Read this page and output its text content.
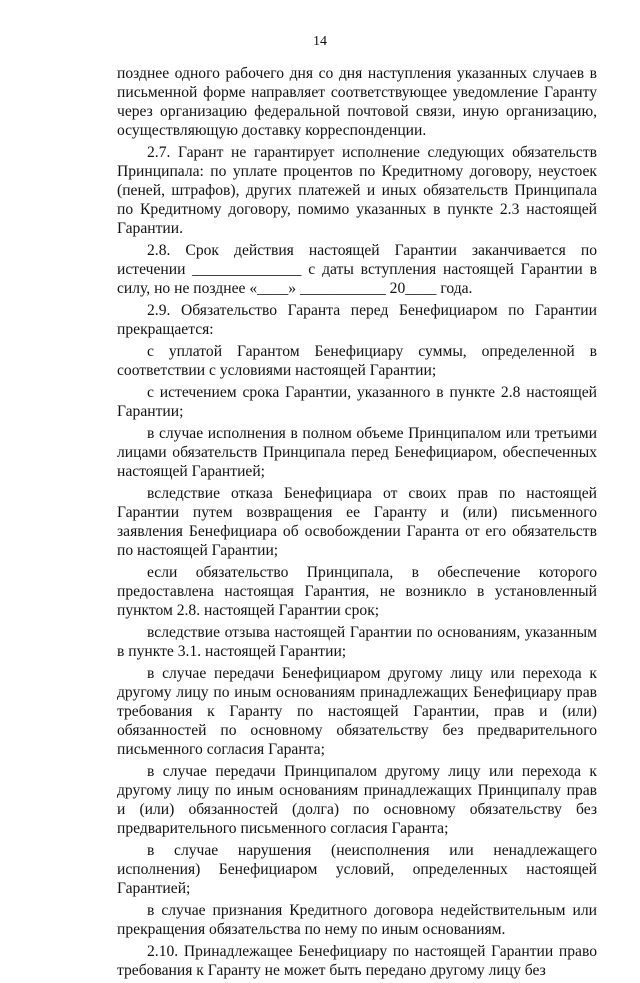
14

позднее одного рабочего дня со дня наступления указанных случаев в письменной форме направляет соответствующее уведомление Гаранту через организацию федеральной почтовой связи, иную организацию, осуществляющую доставку корреспонденции.

2.7. Гарант не гарантирует исполнение следующих обязательств Принципала: по уплате процентов по Кредитному договору, неустоек (пеней, штрафов), других платежей и иных обязательств Принципала по Кредитному договору, помимо указанных в пункте 2.3 настоящей Гарантии.

2.8. Срок действия настоящей Гарантии заканчивается по истечении ______________ с даты вступления настоящей Гарантии в силу, но не позднее «____» ___________ 20____ года.

2.9. Обязательство Гаранта перед Бенефициаром по Гарантии прекращается:

с уплатой Гарантом Бенефициару суммы, определенной в соответствии с условиями настоящей Гарантии;

с истечением срока Гарантии, указанного в пункте 2.8 настоящей Гарантии;

в случае исполнения в полном объеме Принципалом или третьими лицами обязательств Принципала перед Бенефициаром, обеспеченных настоящей Гарантией;

вследствие отказа Бенефициара от своих прав по настоящей Гарантии путем возвращения ее Гаранту и (или) письменного заявления Бенефициара об освобождении Гаранта от его обязательств по настоящей Гарантии;

если обязательство Принципала, в обеспечение которого предоставлена настоящая Гарантия, не возникло в установленный пунктом 2.8. настоящей Гарантии срок;

вследствие отзыва настоящей Гарантии по основаниям, указанным в пункте 3.1. настоящей Гарантии;

в случае передачи Бенефициаром другому лицу или перехода к другому лицу по иным основаниям принадлежащих Бенефициару прав требования к Гаранту по настоящей Гарантии, прав и (или) обязанностей по основному обязательству без предварительного письменного согласия Гаранта;

в случае передачи Принципалом другому лицу или перехода к другому лицу по иным основаниям принадлежащих Принципалу прав и (или) обязанностей (долга) по основному обязательству без предварительного письменного согласия Гаранта;

в случае нарушения (неисполнения или ненадлежащего исполнения) Бенефициаром условий, определенных настоящей Гарантией;

в случае признания Кредитного договора недействительным или прекращения обязательства по нему по иным основаниям.

2.10. Принадлежащее Бенефициару по настоящей Гарантии право требования к Гаранту не может быть передано другому лицу без
